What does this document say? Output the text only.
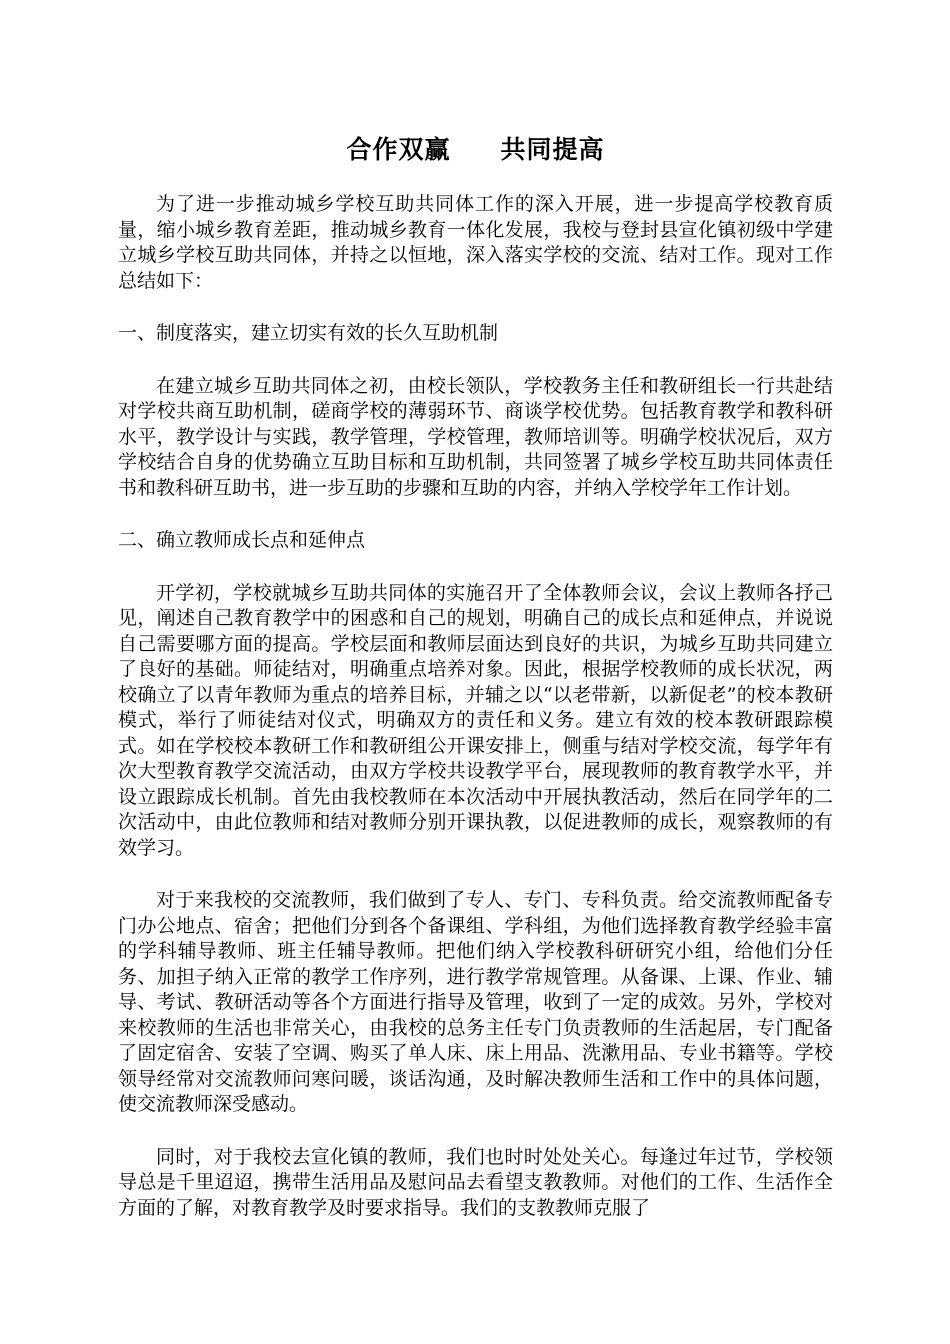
合作双赢 共同提高

为了进一步推动城乡学校互助共同体工作的深入开展，进一步提高学校教育质量，缩小城乡教育差距，推动城乡教育一体化发展，我校与登封县宣化镇初级中学建立城乡学校互助共同体，并持之以恒地，深入落实学校的交流、结对工作。现对工作总结如下：

一、制度落实，建立切实有效的长久互助机制

在建立城乡互助共同体之初，由校长领队，学校教务主任和教研组长一行共赴结对学校共商互助机制，磋商学校的薄弱环节、商谈学校优势。包括教育教学和教科研水平，教学设计与实践，教学管理，学校管理，教师培训等。明确学校状况后，双方学校结合自身的优势确立互助目标和互助机制，共同签署了城乡学校互助共同体责任书和教科研互助书，进一步互助的步骤和互助的内容，并纳入学校学年工作计划。

二、确立教师成长点和延伸点

开学初，学校就城乡互助共同体的实施召开了全体教师会议，会议上教师各抒己见，阐述自己教育教学中的困惑和自己的规划，明确自己的成长点和延伸点，并说说自己需要哪方面的提高。学校层面和教师层面达到良好的共识，为城乡互助共同建立了良好的基础。师徒结对，明确重点培养对象。因此，根据学校教师的成长状况，两校确立了以青年教师为重点的培养目标，并辅之以“以老带新，以新促老”的校本教研模式，举行了师徒结对仪式，明确双方的责任和义务。建立有效的校本教研跟踪模式。如在学校校本教研工作和教研组公开课安排上，侧重与结对学校交流，每学年有次大型教育教学交流活动，由双方学校共设教学平台，展现教师的教育教学水平，并设立跟踪成长机制。首先由我校教师在本次活动中开展执教活动，然后在同学年的二次活动中，由此位教师和结对教师分别开课执教，以促进教师的成长，观察教师的有效学习。

对于来我校的交流教师，我们做到了专人、专门、专科负责。给交流教师配备专门办公地点、宿舍；把他们分到各个备课组、学科组，为他们选择教育教学经验丰富的学科辅导教师、班主任辅导教师。把他们纳入学校教科研研究小组，给他们分任务、加担子纳入正常的教学工作序列，进行教学常规管理。从备课、上课、作业、辅导、考试、教研活动等各个方面进行指导及管理，收到了一定的成效。另外，学校对来校教师的生活也非常关心，由我校的总务主任专门负责教师的生活起居，专门配备了固定宿舍、安装了空调、购买了单人床、床上用品、洗漱用品、专业书籍等。学校领导经常对交流教师问寒问暖，谈话沟通，及时解决教师生活和工作中的具体问题，使交流教师深受感动。

同时，对于我校去宣化镇的教师，我们也时时处处关心。每逢过年过节，学校领导总是千里迢迢，携带生活用品及慰问品去看望支教教师。对他们的工作、生活作全方面的了解，对教育教学及时要求指导。我们的支教教师克服了
